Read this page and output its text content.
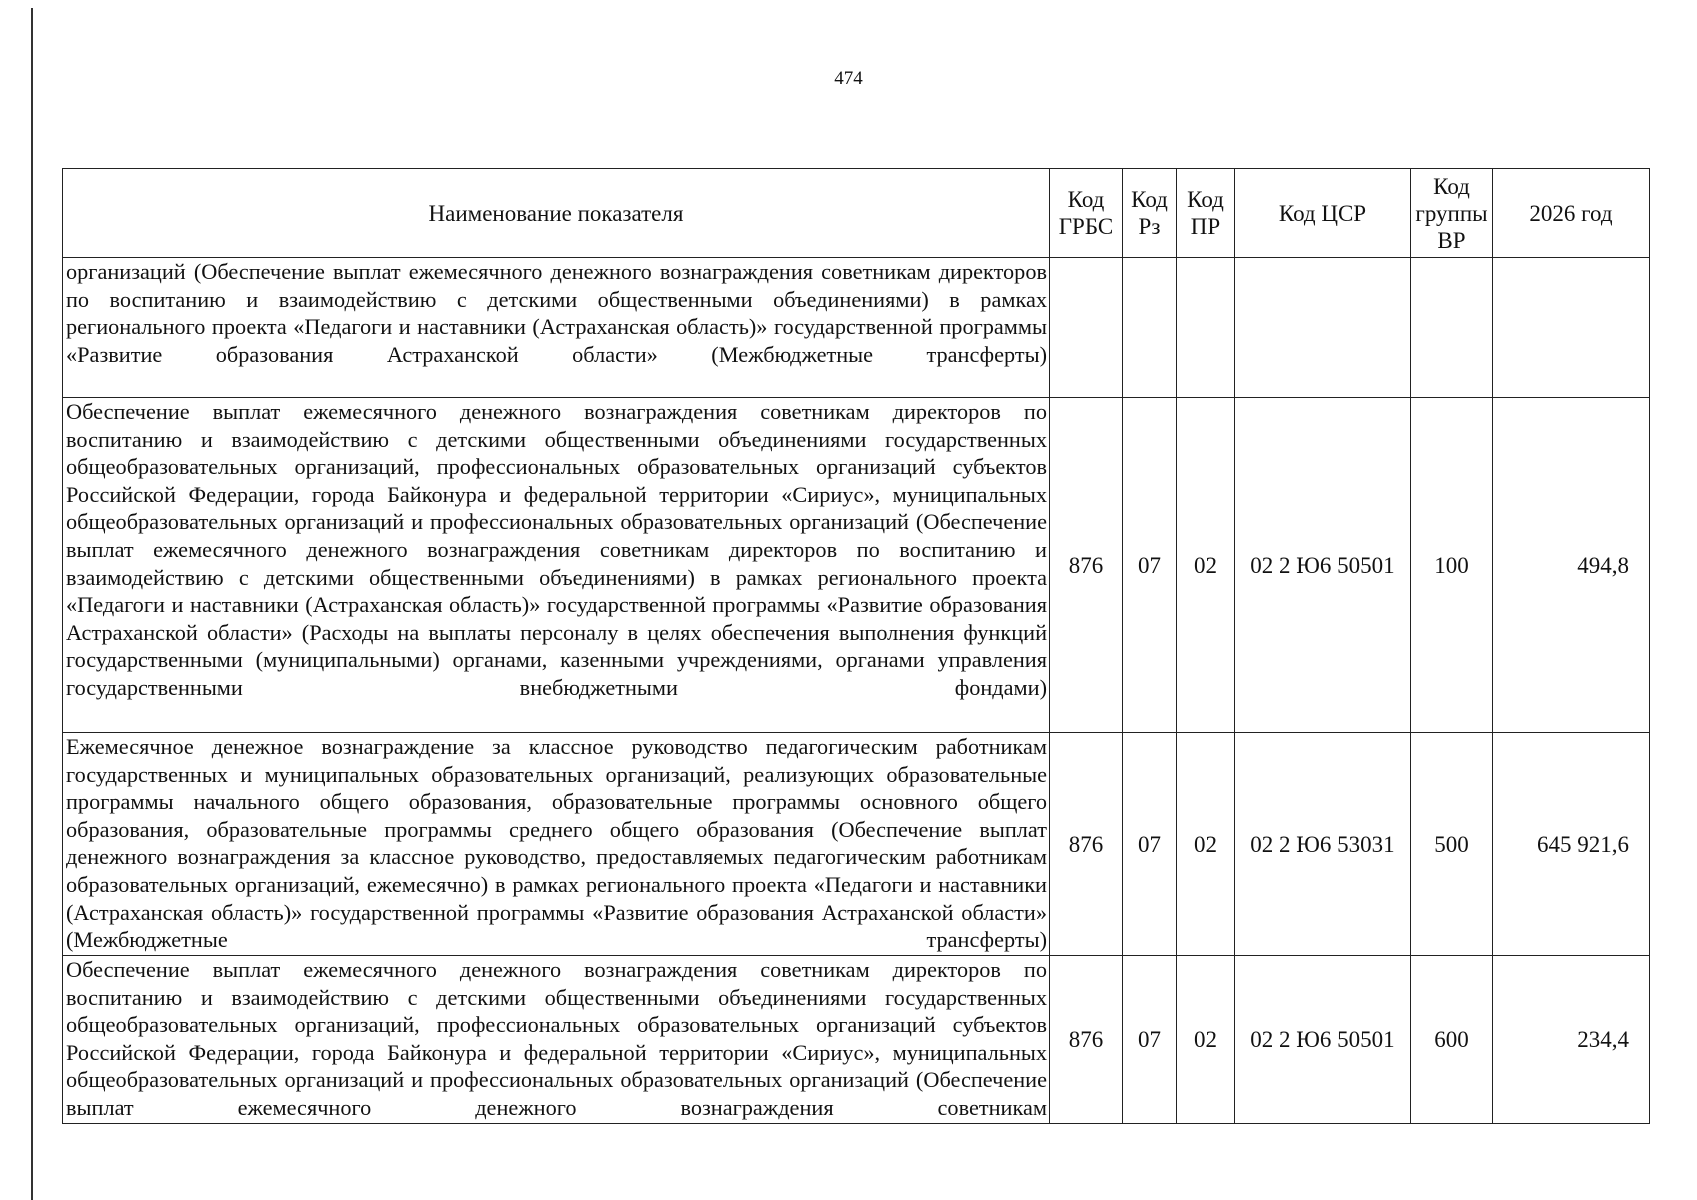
474
Наименование показателя	Код ГРБС	Код Рз	Код ПР	Код ЦСР	Код группы ВР	2026 год

организаций (Обеспечение выплат ежемесячного денежного вознаграждения советникам директоров по воспитанию и взаимодействию с детскими общественными объединениями) в рамках регионального проекта «Педагоги и наставники (Астраханская область)» государственной программы «Развитие образования Астраханской области» (Межбюджетные трансферты)						

Обеспечение выплат ежемесячного денежного вознаграждения советникам директоров по воспитанию и взаимодействию с детскими общественными объединениями государственных общеобразовательных организаций, профессиональных образовательных организаций субъектов Российской Федерации, города Байконура и федеральной территории «Сириус», муниципальных общеобразовательных организаций и профессиональных образовательных организаций (Обеспечение выплат ежемесячного денежного вознаграждения советникам директоров по воспитанию и взаимодействию с детскими общественными объединениями) в рамках регионального проекта «Педагоги и наставники (Астраханская область)» государственной программы «Развитие образования Астраханской области» (Расходы на выплаты персоналу в целях обеспечения выполнения функций государственными (муниципальными) органами, казенными учреждениями, органами управления государственными внебюджетными фондами)	876	07	02	02 2 Ю6 50501	100	494,8

Ежемесячное денежное вознаграждение за классное руководство педагогическим работникам государственных и муниципальных образовательных организаций, реализующих образовательные программы начального общего образования, образовательные программы основного общего образования, образовательные программы среднего общего образования (Обеспечение выплат денежного вознаграждения за классное руководство, предоставляемых педагогическим работникам образовательных организаций, ежемесячно) в рамках регионального проекта «Педагоги и наставники (Астраханская область)» государственной программы «Развитие образования Астраханской области» (Межбюджетные трансферты)	876	07	02	02 2 Ю6 53031	500	645 921,6

Обеспечение выплат ежемесячного денежного вознаграждения советникам директоров по воспитанию и взаимодействию с детскими общественными объединениями государственных общеобразовательных организаций, профессиональных образовательных организаций субъектов Российской Федерации, города Байконура и федеральной территории «Сириус», муниципальных общеобразовательных организаций и профессиональных образовательных организаций (Обеспечение выплат ежемесячного денежного вознаграждения советникам	876	07	02	02 2 Ю6 50501	600	234,4
